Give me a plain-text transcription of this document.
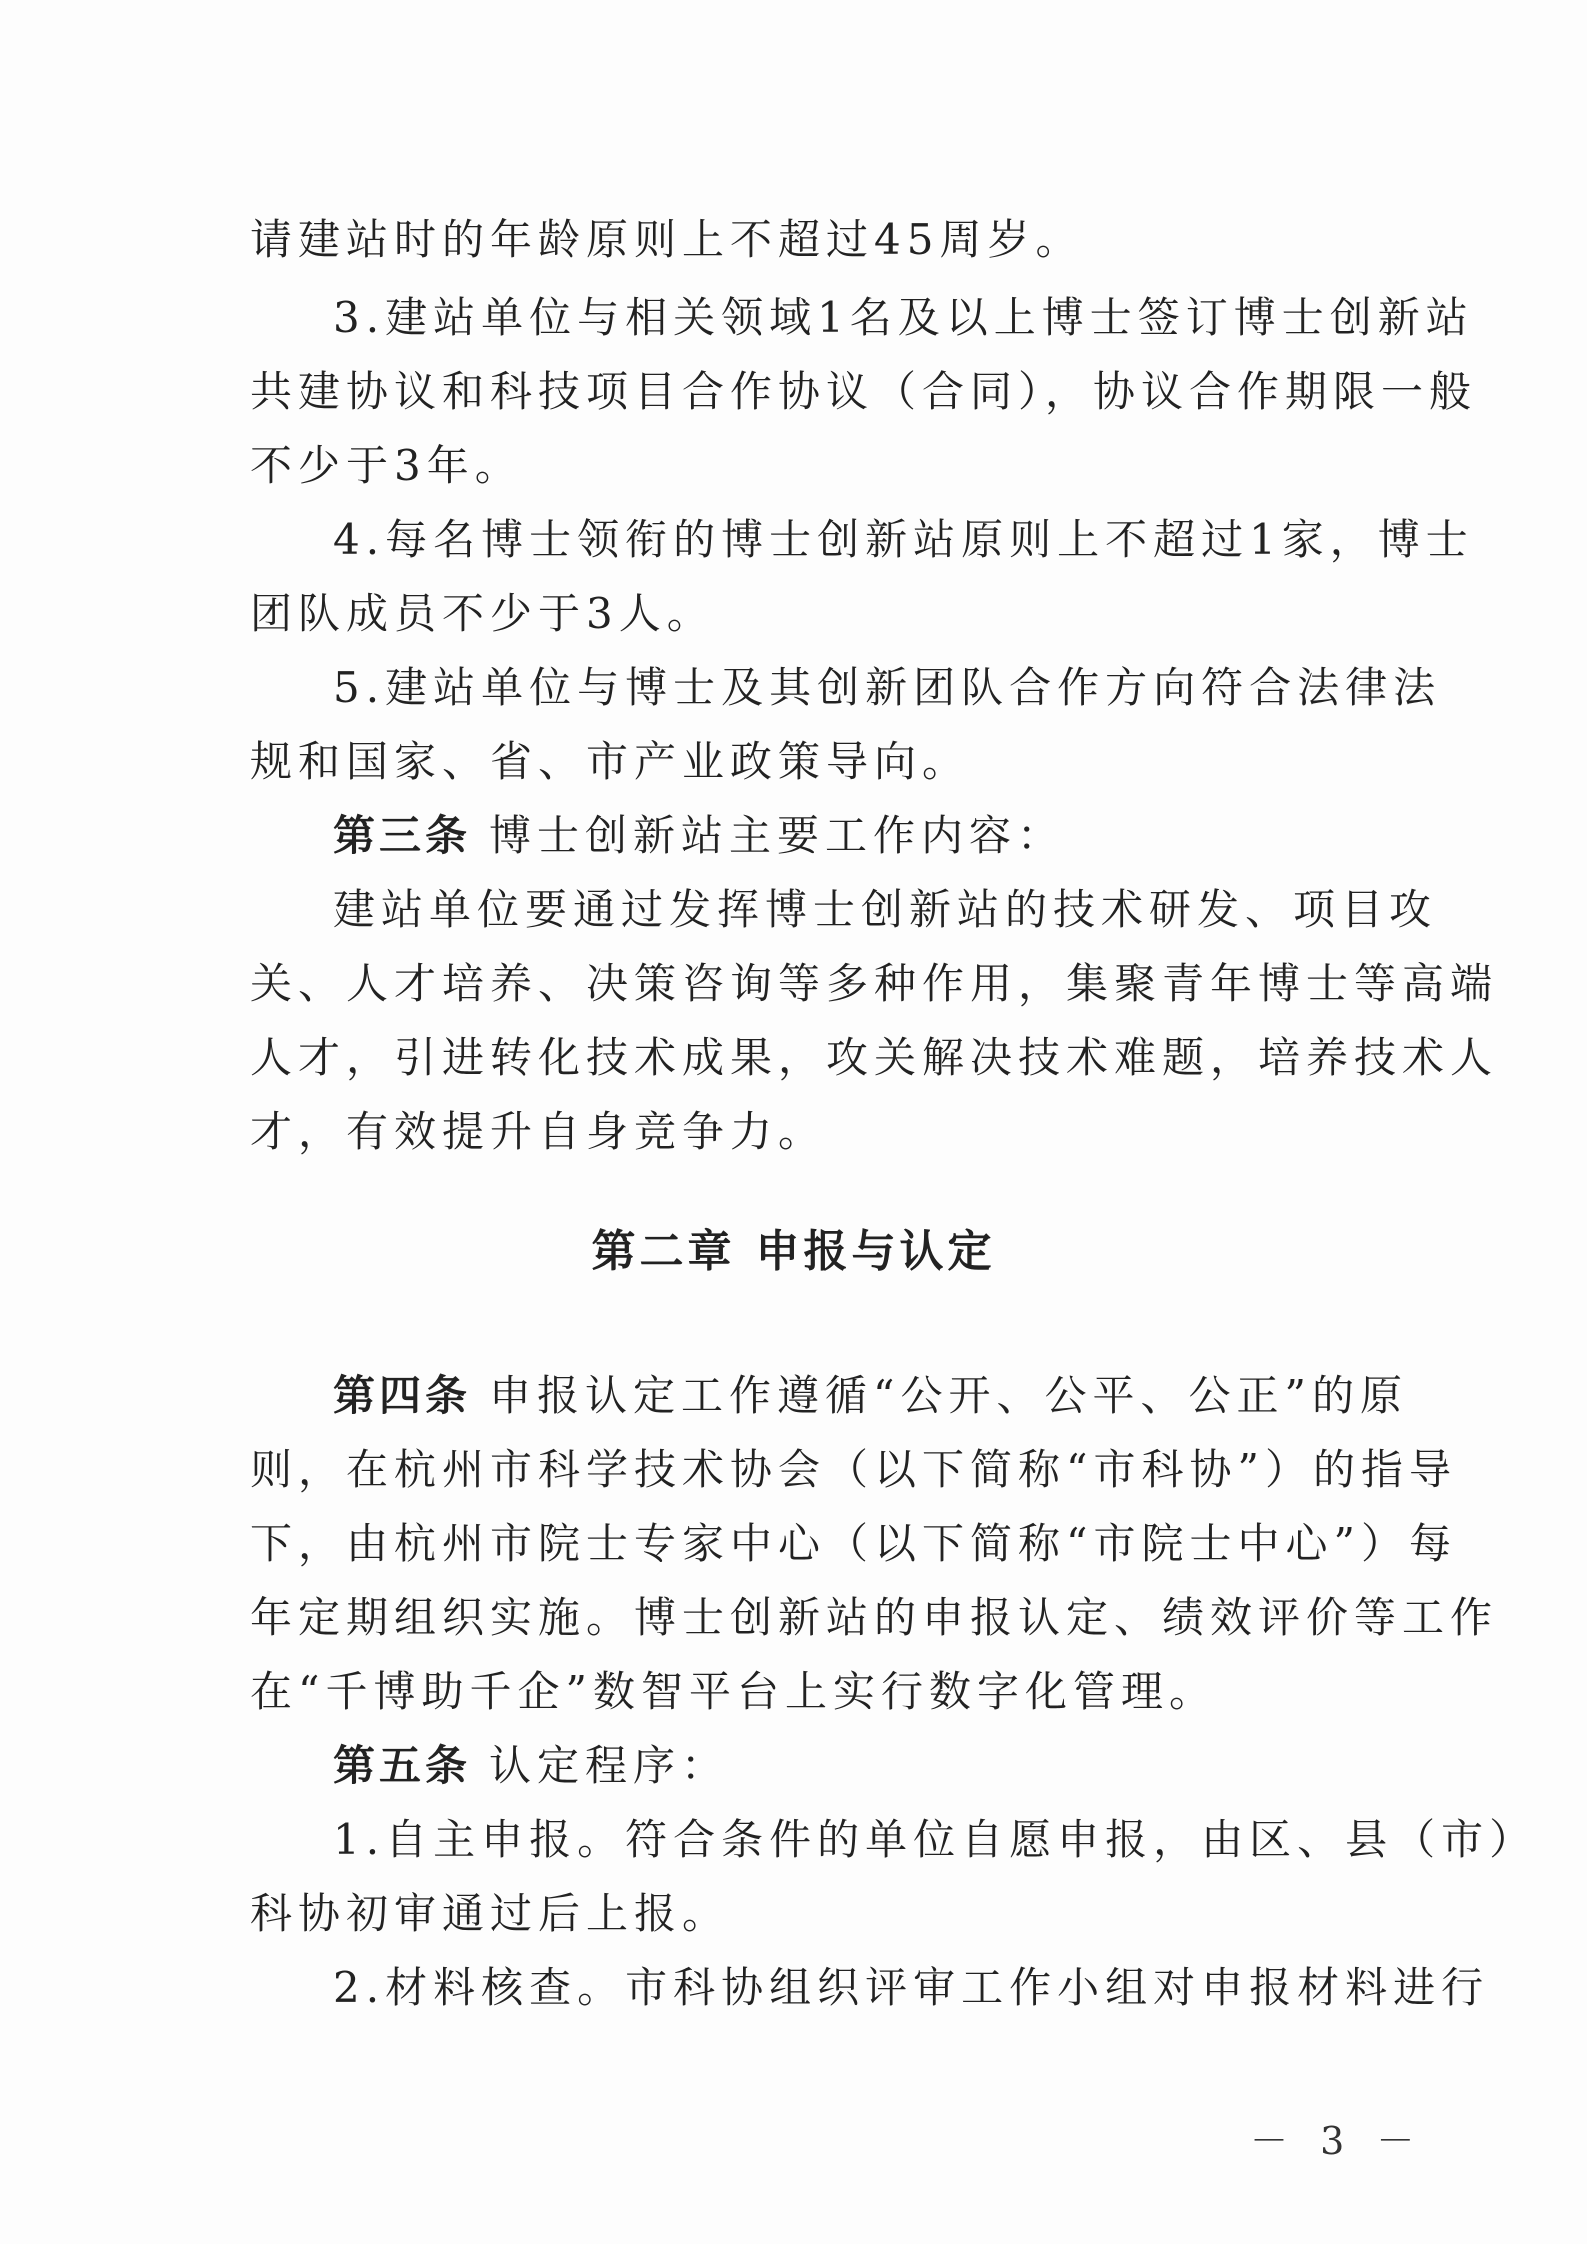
请建站时的年龄原则上不超过45周岁。
3.建站单位与相关领域1名及以上博士签订博士创新站
共建协议和科技项目合作协议（合同），协议合作期限一般
不少于3年。
4.每名博士领衔的博士创新站原则上不超过1家，博士
团队成员不少于3人。
5.建站单位与博士及其创新团队合作方向符合法律法
规和国家、省、市产业政策导向。
第三条 博士创新站主要工作内容：
建站单位要通过发挥博士创新站的技术研发、项目攻
关、人才培养、决策咨询等多种作用，集聚青年博士等高端
人才，引进转化技术成果，攻关解决技术难题，培养技术人
才，有效提升自身竞争力。
第二章 申报与认定
第四条 申报认定工作遵循“公开、公平、公正”的原
则，在杭州市科学技术协会（以下简称“市科协”）的指导
下，由杭州市院士专家中心（以下简称“市院士中心”）每
年定期组织实施。博士创新站的申报认定、绩效评价等工作
在“千博助千企”数智平台上实行数字化管理。
第五条 认定程序：
1.自主申报。符合条件的单位自愿申报，由区、县（市）
科协初审通过后上报。
2.材料核查。市科协组织评审工作小组对申报材料进行
－ 3 －
